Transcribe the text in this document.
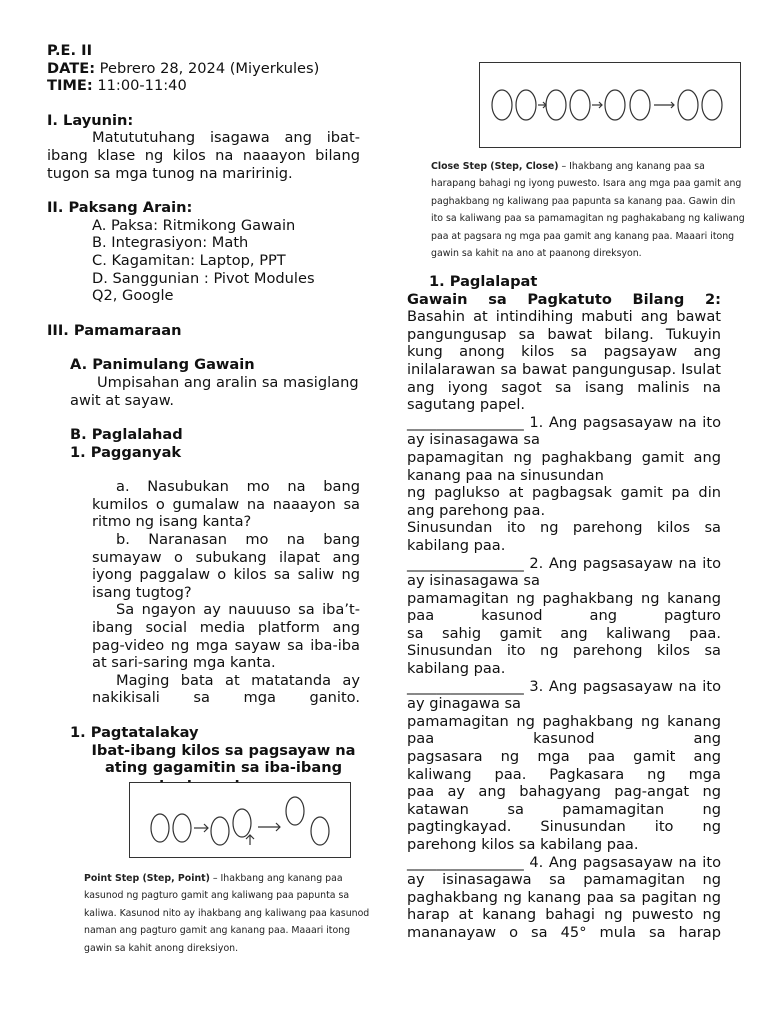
P.E. II

DATE: Pebrero 28, 2024 (Miyerkules)

TIME: 11:00-11:40

I. Layunin:

Matututuhang isagawa ang ibat-ibang klase ng kilos na naaayon bilang tugon sa mga tunog na maririnig.

II. Paksang Arain:

A. Paksa: Ritmikong Gawain

B. Integrasiyon: Math

C. Kagamitan: Laptop, PPT

D. Sanggunian : Pivot Modules

Q2, Google

III. Pamamaraan

A. Panimulang Gawain

Umpisahan ang aralin sa masiglang awit at sayaw.

B. Paglalahad

1. Pagganyak

a. Nasubukan mo na bang kumilos o gumalaw na naaayon sa ritmo ng isang kanta?

b. Naranasan mo na bang sumayaw o subukang ilapat ang iyong paggalaw o kilos sa saliw ng isang tugtog?

Sa ngayon ay nauuuso sa iba’t-ibang social media platform ang pag-video ng mga sayaw sa iba-iba at sari-saring mga kanta.

Maging bata at matatanda ay nakikisali sa mga ganito.

1. Pagtatalakay

Ibat-ibang kilos sa pagsayaw na ating gagamitin sa iba-ibang

Point Step (Step, Point) – Ihakbang ang kanang paa kasunod ng pagturo gamit ang kaliwang paa papunta sa kaliwa. Kasunod nito ay ihakbang ang kaliwang paa kasunod naman ang pagturo gamit ang kanang paa. Maaari itong gawin sa kahit anong direksiyon.

Close Step (Step, Close) – Ihakbang ang kanang paa sa harapang bahagi ng iyong puwesto. Isara ang mga paa gamit ang paghakbang ng kaliwang paa papunta sa kanang paa. Gawin din ito sa kaliwang paa sa pamamagitan ng paghakabang ng kaliwang paa at pagsara ng mga paa gamit ang kanang paa. Maaari itong gawin sa kahit na ano at paanong direksyon.

1. Paglalapat

Gawain sa Pagkatuto Bilang 2:

Basahin at intindihing mabuti ang bawat pangungusap sa bawat bilang. Tukuyin kung anong kilos sa pagsayaw ang inilalarawan sa bawat pangungusap. Isulat ang iyong sagot sa isang malinis na sagutang papel.

________________ 1. Ang pagsasayaw na ito ay isinasagawa sa

papamagitan ng paghakbang gamit ang kanang paa na sinusundan

ng paglukso at pagbagsak gamit pa din ang parehong paa.

Sinusundan ito ng parehong kilos sa kabilang paa.

________________ 2. Ang pagsasayaw na ito ay isinasagawa sa

pamamagitan ng paghakbang ng kanang paa kasunod ang pagturo

sa sahig gamit ang kaliwang paa. Sinusundan ito ng parehong kilos sa kabilang paa.

________________ 3. Ang pagsasayaw na ito ay ginagawa sa

pamamagitan ng paghakbang ng kanang paa kasunod ang

pagsasara ng mga paa gamit ang kaliwang paa. Pagkasara ng mga

paa ay ang bahagyang pag-angat ng katawan sa pamamagitan ng

pagtingkayad. Sinusundan ito ng parehong kilos sa kabilang paa.

________________ 4. Ang pagsasayaw na ito ay isinasagawa sa pamamagitan ng paghakbang ng kanang paa sa pagitan ng harap at kanang bahagi ng puwesto ng mananayaw o sa 45° mula sa harap
